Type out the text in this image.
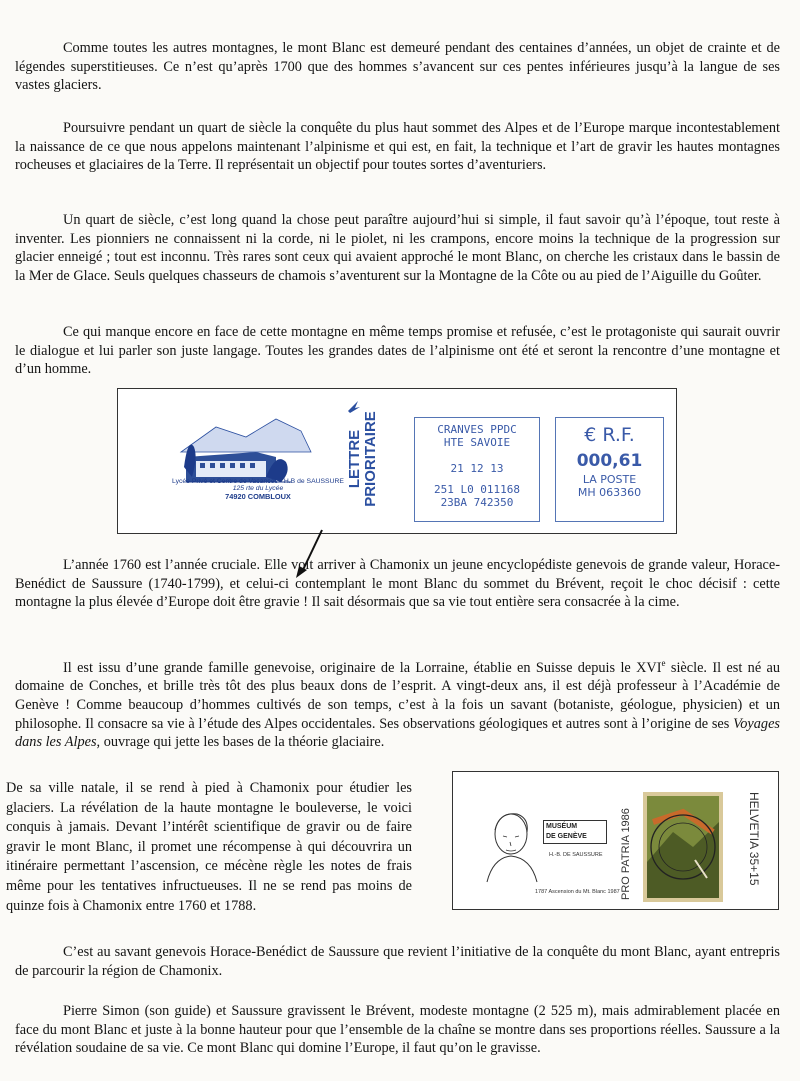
Comme toutes les autres montagnes, le mont Blanc est demeuré pendant des centaines d’années, un objet de crainte et de légendes superstitieuses. Ce n’est qu’après 1700 que des hommes s’avancent sur ces pentes inférieures jusqu’à la langue de ses vastes glaciers.

Poursuivre pendant un quart de siècle la conquête du plus haut sommet des Alpes et de l’Europe marque incontestablement la naissance de ce que nous appelons maintenant l’alpinisme et qui est, en fait, la technique et l’art de gravir les hautes montagnes rocheuses et glaciaires de la Terre. Il représentait un objectif pour toutes sortes d’aventuriers.

Un quart de siècle, c’est long quand la chose peut paraître aujourd’hui si simple, il faut savoir qu’à l’époque, tout reste à inventer. Les pionniers ne connaissent ni la corde, ni le piolet, ni les crampons, encore moins la technique de la progression sur glacier enneigé ; tout est inconnu. Très rares sont ceux qui avaient approché le mont Blanc, on cherche les cristaux dans le bassin de la Mer de Glace. Seuls quelques chasseurs de chamois s’aventurent sur la Montagne de la Côte ou au pied de l’Aiguille du Goûter.

Ce qui manque encore en face de cette montagne en même temps promise et refusée, c’est le protagoniste qui saurait ouvrir le dialogue et lui parler son juste langage. Toutes les grandes dates de l’alpinisme ont été et seront la rencontre d’une montagne et d’un homme.

Lycée Privé et Centre de Vacances - H.B de SAUSSURE
125 rte du Lycée
74920 COMBLOUX
LETTRE PRIORITAIRE	CRANVES PPDC
HTE SAVOIE
21 12 13
251 L0 011168
23BA 742350
€ R.F.
000,61
LA POSTE
MH 063360

L’année 1760 est l’année cruciale. Elle voit arriver à Chamonix un jeune encyclopédiste genevois de grande valeur, Horace-Benédict de Saussure (1740-1799), et celui-ci contemplant le mont Blanc du sommet du Brévent, reçoit le choc décisif : cette montagne la plus élevée d’Europe doit être gravie ! Il sait désormais que sa vie tout entière sera consacrée à la cime.

Il est issu d’une grande famille genevoise, originaire de la Lorraine, établie en Suisse depuis le XVIe siècle. Il est né au domaine de Conches, et brille très tôt des plus beaux dons de l’esprit. A vingt-deux ans, il est déjà professeur à l’Académie de Genève ! Comme beaucoup d’hommes cultivés de son temps, c’est à la fois un savant (botaniste, géologue, physicien) et un philosophe. Il consacre sa vie à l’étude des Alpes occidentales. Ses observations géologiques et autres sont à l’origine de ses Voyages dans les Alpes, ouvrage qui jette les bases de la théorie glaciaire.

De sa ville natale, il se rend à pied à Chamonix pour étudier les glaciers. La révélation de la haute montagne le bouleverse, le voici conquis à jamais. Devant l’intérêt scientifique de gravir ou de faire gravir le mont Blanc, il promet une récompense à qui découvrira un itinéraire permettant l’ascension, ce mécène règle les notes de frais même pour les tentatives infructueuses. Il ne se rend pas moins de quinze fois à Chamonix entre 1760 et 1788.

MUSÉUM
DE GENÈVE
H.-B. DE SAUSSURE
1787 Ascension du Mt. Blanc 1987 PRO PATRIA 1986	HELVETIA 35+15

C’est au savant genevois Horace-Benédict de Saussure que revient l’initiative de la conquête du mont Blanc, ayant entrepris de parcourir la région de Chamonix.

Pierre Simon (son guide) et Saussure gravissent le Brévent, modeste montagne (2 525 m), mais admirablement placée en face du mont Blanc et juste à la bonne hauteur pour que l’ensemble de la chaîne se montre dans ses proportions réelles. Saussure a la révélation soudaine de sa vie. Ce mont Blanc qui domine l’Europe, il faut qu’on le gravisse.
